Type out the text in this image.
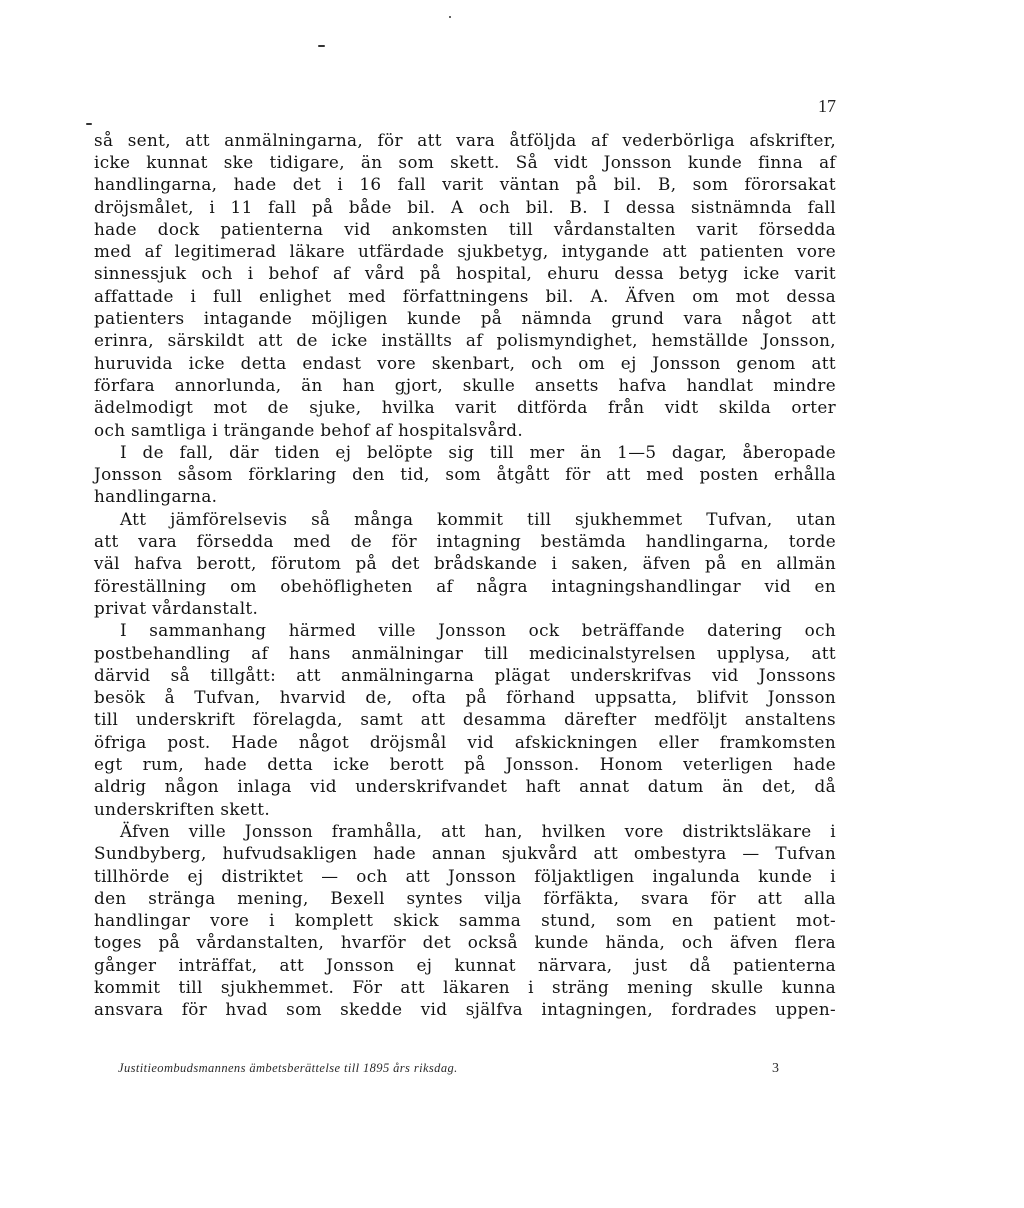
17
så sent, att anmälningarna, för att vara åtföljda af vederbörliga afskrifter,
icke kunnat ske tidigare, än som skett. Så vidt Jonsson kunde finna af
handlingarna, hade det i 16 fall varit väntan på bil. B, som förorsakat
dröjsmålet, i 11 fall på både bil. A och bil. B. I dessa sistnämnda fall
hade dock patienterna vid ankomsten till vårdanstalten varit försedda
med af legitimerad läkare utfärdade sjukbetyg, intygande att patienten vore
sinnessjuk och i behof af vård på hospital, ehuru dessa betyg icke varit
affattade i full enlighet med författningens bil. A. Äfven om mot dessa
patienters intagande möjligen kunde på nämnda grund vara något att
erinra, särskildt att de icke inställts af polismyndighet, hemställde Jonsson,
huruvida icke detta endast vore skenbart, och om ej Jonsson genom att
förfara annorlunda, än han gjort, skulle ansetts hafva handlat mindre
ädelmodigt mot de sjuke, hvilka varit ditförda från vidt skilda orter
och samtliga i trängande behof af hospitalsvård.
I de fall, där tiden ej belöpte sig till mer än 1—5 dagar, åberopade
Jonsson såsom förklaring den tid, som åtgått för att med posten erhålla
handlingarna.
Att jämförelsevis så många kommit till sjukhemmet Tufvan, utan
att vara försedda med de för intagning bestämda handlingarna, torde
väl hafva berott, förutom på det brådskande i saken, äfven på en allmän
föreställning om obehöfligheten af några intagningshandlingar vid en
privat vårdanstalt.
I sammanhang härmed ville Jonsson ock beträffande datering och
postbehandling af hans anmälningar till medicinalstyrelsen upplysa, att
därvid så tillgått: att anmälningarna plägat underskrifvas vid Jonssons
besök å Tufvan, hvarvid de, ofta på förhand uppsatta, blifvit Jonsson
till underskrift förelagda, samt att desamma därefter medföljt anstaltens
öfriga post. Hade något dröjsmål vid afskickningen eller framkomsten
egt rum, hade detta icke berott på Jonsson. Honom veterligen hade
aldrig någon inlaga vid underskrifvandet haft annat datum än det, då
underskriften skett.
Äfven ville Jonsson framhålla, att han, hvilken vore distriktsläkare i
Sundbyberg, hufvudsakligen hade annan sjukvård att ombestyra — Tufvan
tillhörde ej distriktet — och att Jonsson följaktligen ingalunda kunde i
den stränga mening, Bexell syntes vilja förfäkta, svara för att alla
handlingar vore i komplett skick samma stund, som en patient mot-
toges på vårdanstalten, hvarför det också kunde hända, och äfven flera
gånger inträffat, att Jonsson ej kunnat närvara, just då patienterna
kommit till sjukhemmet. För att läkaren i sträng mening skulle kunna
ansvara för hvad som skedde vid själfva intagningen, fordrades uppen-
Justitieombudsmannens ämbetsberättelse till 1895 års riksdag.	3
